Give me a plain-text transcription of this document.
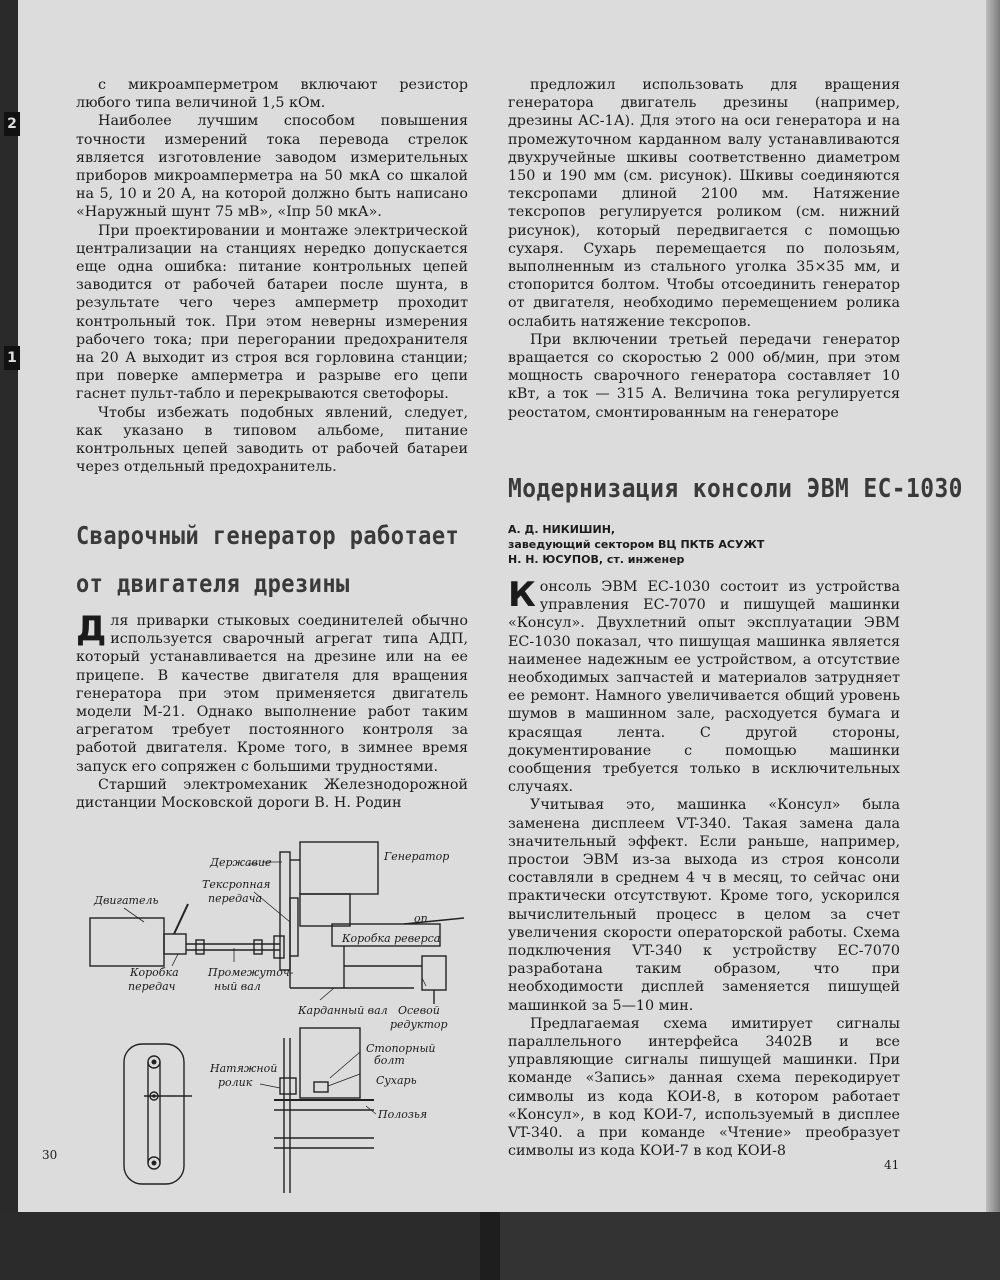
2
1

с микроамперметром включают резистор любого типа величиной 1,5 кОм.

Наиболее лучшим способом повышения точности измерений тока перевода стрелок является изготовление заводом измерительных приборов микроамперметра на 50 мкА со шкалой на 5, 10 и 20 А, на которой должно быть написано «Наружный шунт 75 мВ», «Iпр 50 мкА».

При проектировании и монтаже электрической централизации на станциях нередко допускается еще одна ошибка: питание контрольных цепей заводится от рабочей батареи после шунта, в результате чего через амперметр проходит контрольный ток. При этом неверны измерения рабочего тока; при перегорании предохранителя на 20 А выходит из строя вся горловина станции; при поверке амперметра и разрыве его цепи гаснет пульт-табло и перекрываются светофоры.

Чтобы избежать подобных явлений, следует, как указано в типовом альбоме, питание контрольных цепей заводить от рабочей батареи через отдельный предохранитель.

Сварочный генератор работает
от двигателя дрезины

Для приварки стыковых соединителей обычно используется сварочный агрегат типа АДП, который устанавливается на дрезине или на ее прицепе. В качестве двигателя для вращения генератора при этом применяется двигатель модели М-21. Однако выполнение работ таким агрегатом требует постоянного контроля за работой двигателя. Кроме того, в зимнее время запуск его сопряжен с большими трудностями.

Старший электромеханик Железнодорожной дистанции Московской дороги В. Н. Родин

Державие	Генератор
Тексропная
передача
Двигатель
on
Коробка реверса
Коробка
передач
Промежуточ-
ный вал
Карданный вал Осевой
редуктор
Стопорный
болт
Сухарь
Натяжной
ролик
Полозья
30

предложил использовать для вращения генератора двигатель дрезины (например, дрезины АС-1А). Для этого на оси генератора и на промежуточном карданном валу устанавливаются двухручейные шкивы соответственно диаметром 150 и 190 мм (см. рисунок). Шкивы соединяются тексропами длиной 2100 мм. Натяжение тексропов регулируется роликом (см. нижний рисунок), который передвигается с помощью сухаря. Сухарь перемещается по полозьям, выполненным из стального уголка 35×35 мм, и стопорится болтом. Чтобы отсоединить генератор от двигателя, необходимо перемещением ролика ослабить натяжение тексропов.

При включении третьей передачи генератор вращается со скоростью 2 000 об/мин, при этом мощность сварочного генератора составляет 10 кВт, а ток — 315 А. Величина тока регулируется реостатом, смонтированным на генераторе

Модернизация консоли ЭВМ ЕС-1030
А. Д. НИКИШИН,
заведующий сектором ВЦ ПКТБ АСУЖТ
Н. Н. ЮСУПОВ, ст. инженер

Консоль ЭВМ ЕС-1030 состоит из устройства управления ЕС-7070 и пишущей машинки «Консул». Двухлетний опыт эксплуатации ЭВМ ЕС-1030 показал, что пишущая машинка является наименее надежным ее устройством, а отсутствие необходимых запчастей и материалов затрудняет ее ремонт. Намного увеличивается общий уровень шумов в машинном зале, расходуется бумага и красящая лента. С другой стороны, документирование с помощью машинки сообщения требуется только в исключительных случаях.

Учитывая это, машинка «Консул» была заменена дисплеем VT-340. Такая замена дала значительный эффект. Если раньше, например, простои ЭВМ из-за выхода из строя консоли составляли в среднем 4 ч в месяц, то сейчас они практически отсутствуют. Кроме того, ускорился вычислительный процесс в целом за счет увеличения скорости операторской работы. Схема подключения VT-340 к устройству ЕС-7070 разработана таким образом, что при необходимости дисплей заменяется пишущей машинкой за 5—10 мин.

Предлагаемая схема имитирует сигналы параллельного интерфейса 3402В и все управляющие сигналы пишущей машинки. При команде «Запись» данная схема перекодирует символы из кода КОИ-8, в котором работает «Консул», в код КОИ-7, используемый в дисплее VT-340. а при команде «Чтение» преобразует символы из кода КОИ-7 в код КОИ-8

41
